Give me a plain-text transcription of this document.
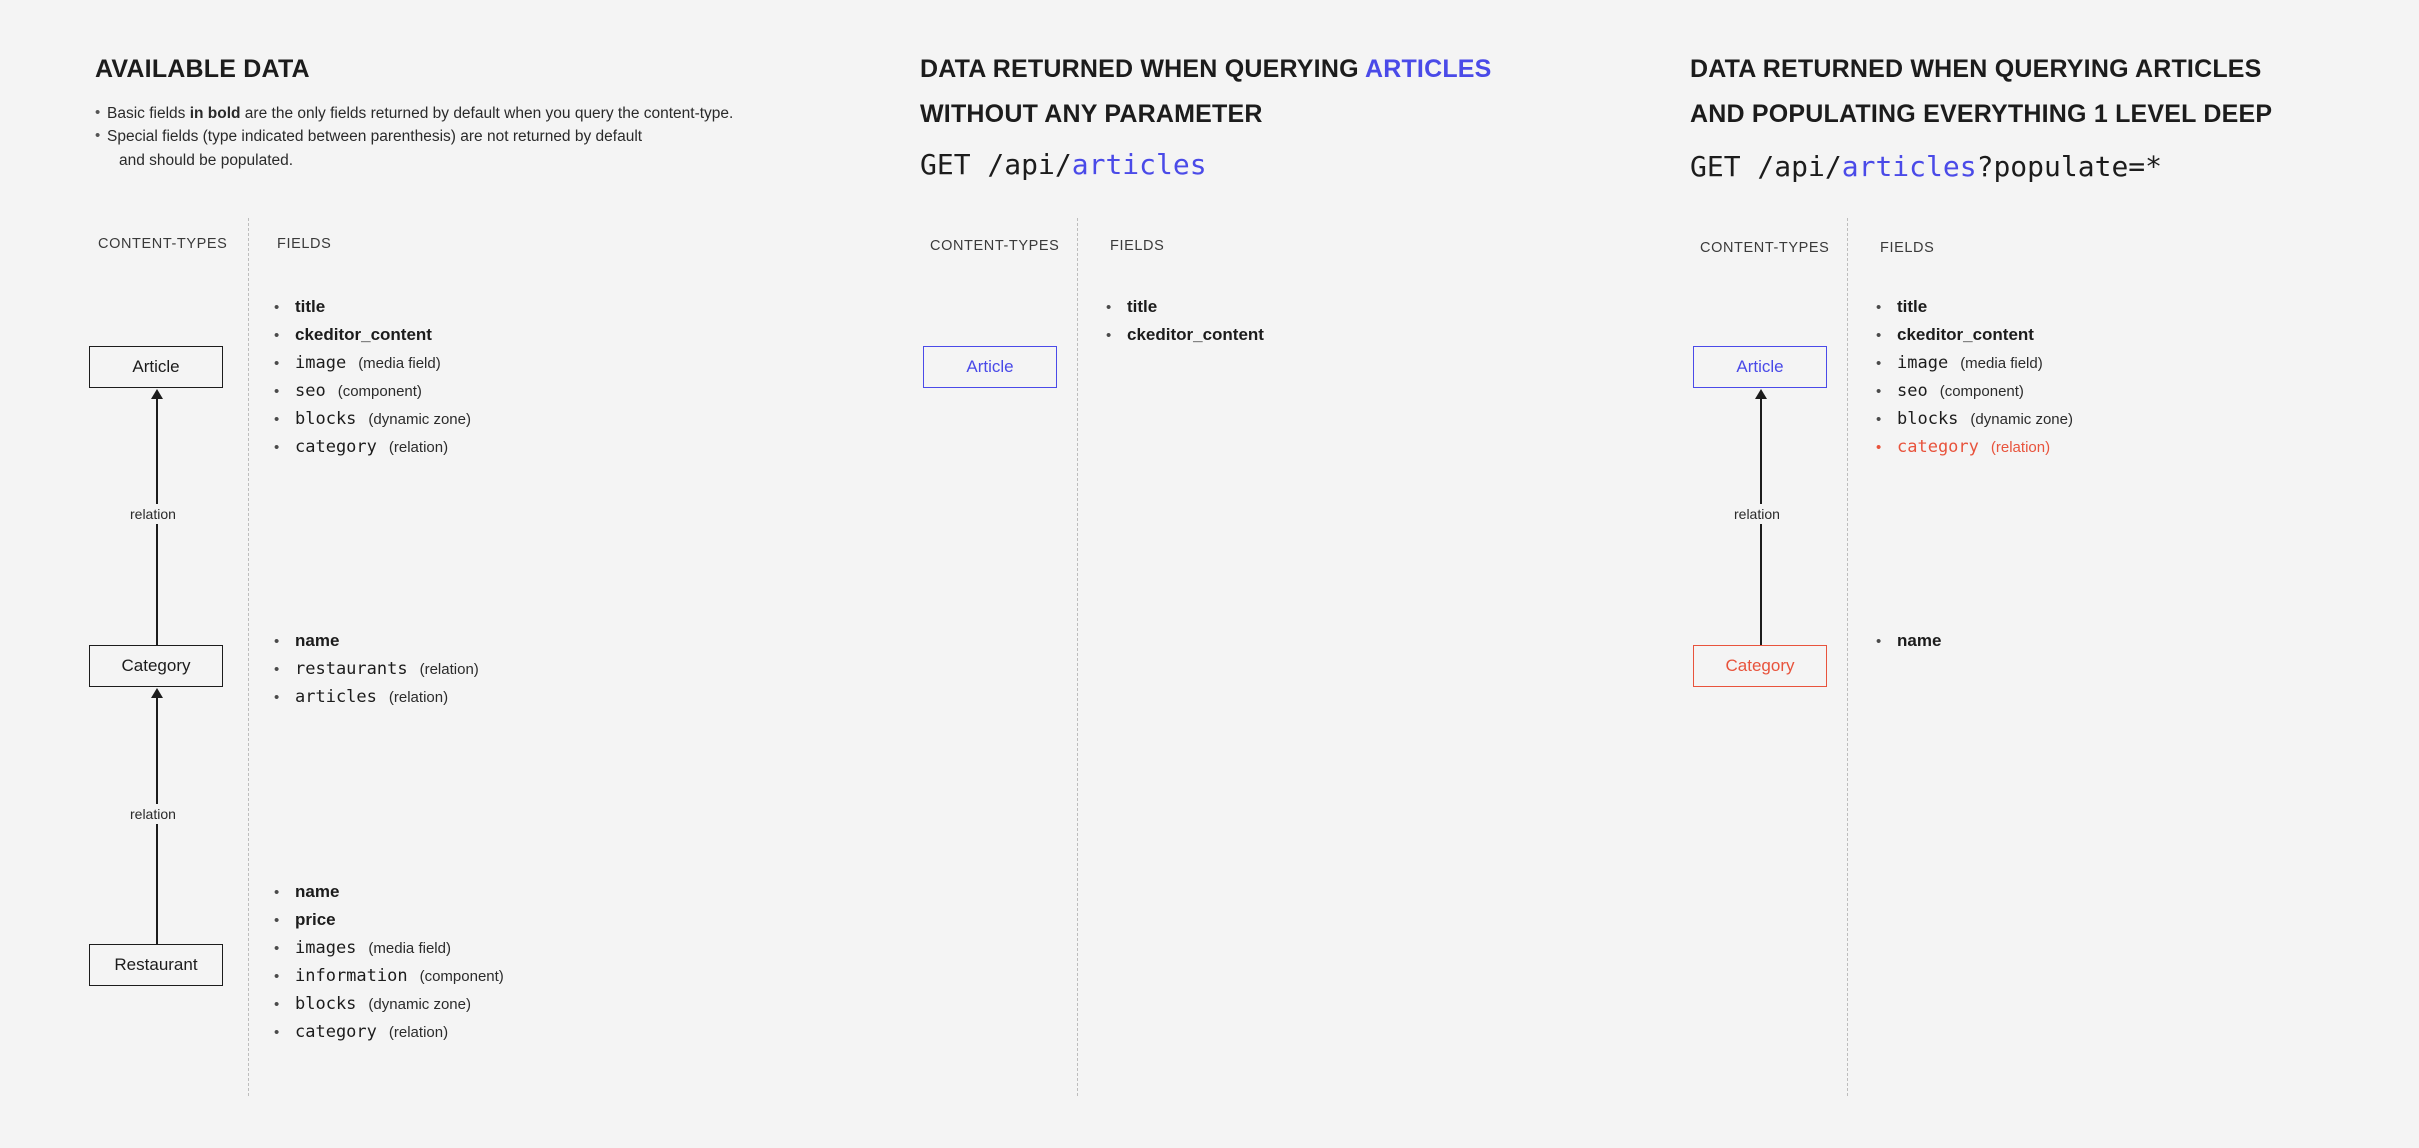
AVAILABLE DATA
• Basic fields in bold are the only fields returned by default when you query the content-type.
• Special fields (type indicated between parenthesis) are not returned by default
and should be populated.
CONTENT-TYPES	FIELDS
Article
relation
Category
relation
Restaurant
• title
• ckeditor_content
• image (media field)
• seo (component)
• blocks (dynamic zone)
• category (relation)
• name
• restaurants (relation)
• articles (relation)
• name
• price
• images (media field)
• information (component)
• blocks (dynamic zone)
• category (relation)
DATA RETURNED WHEN QUERYING ARTICLES
WITHOUT ANY PARAMETER
GET /api/articles
CONTENT-TYPES	FIELDS
Article
• title
• ckeditor_content
DATA RETURNED WHEN QUERYING ARTICLES
AND POPULATING EVERYTHING 1 LEVEL DEEP
GET /api/articles?populate=*
CONTENT-TYPES	FIELDS
Article
relation
Category
• title
• ckeditor_content
• image (media field)
• seo (component)
• blocks (dynamic zone)
• category (relation)
• name
